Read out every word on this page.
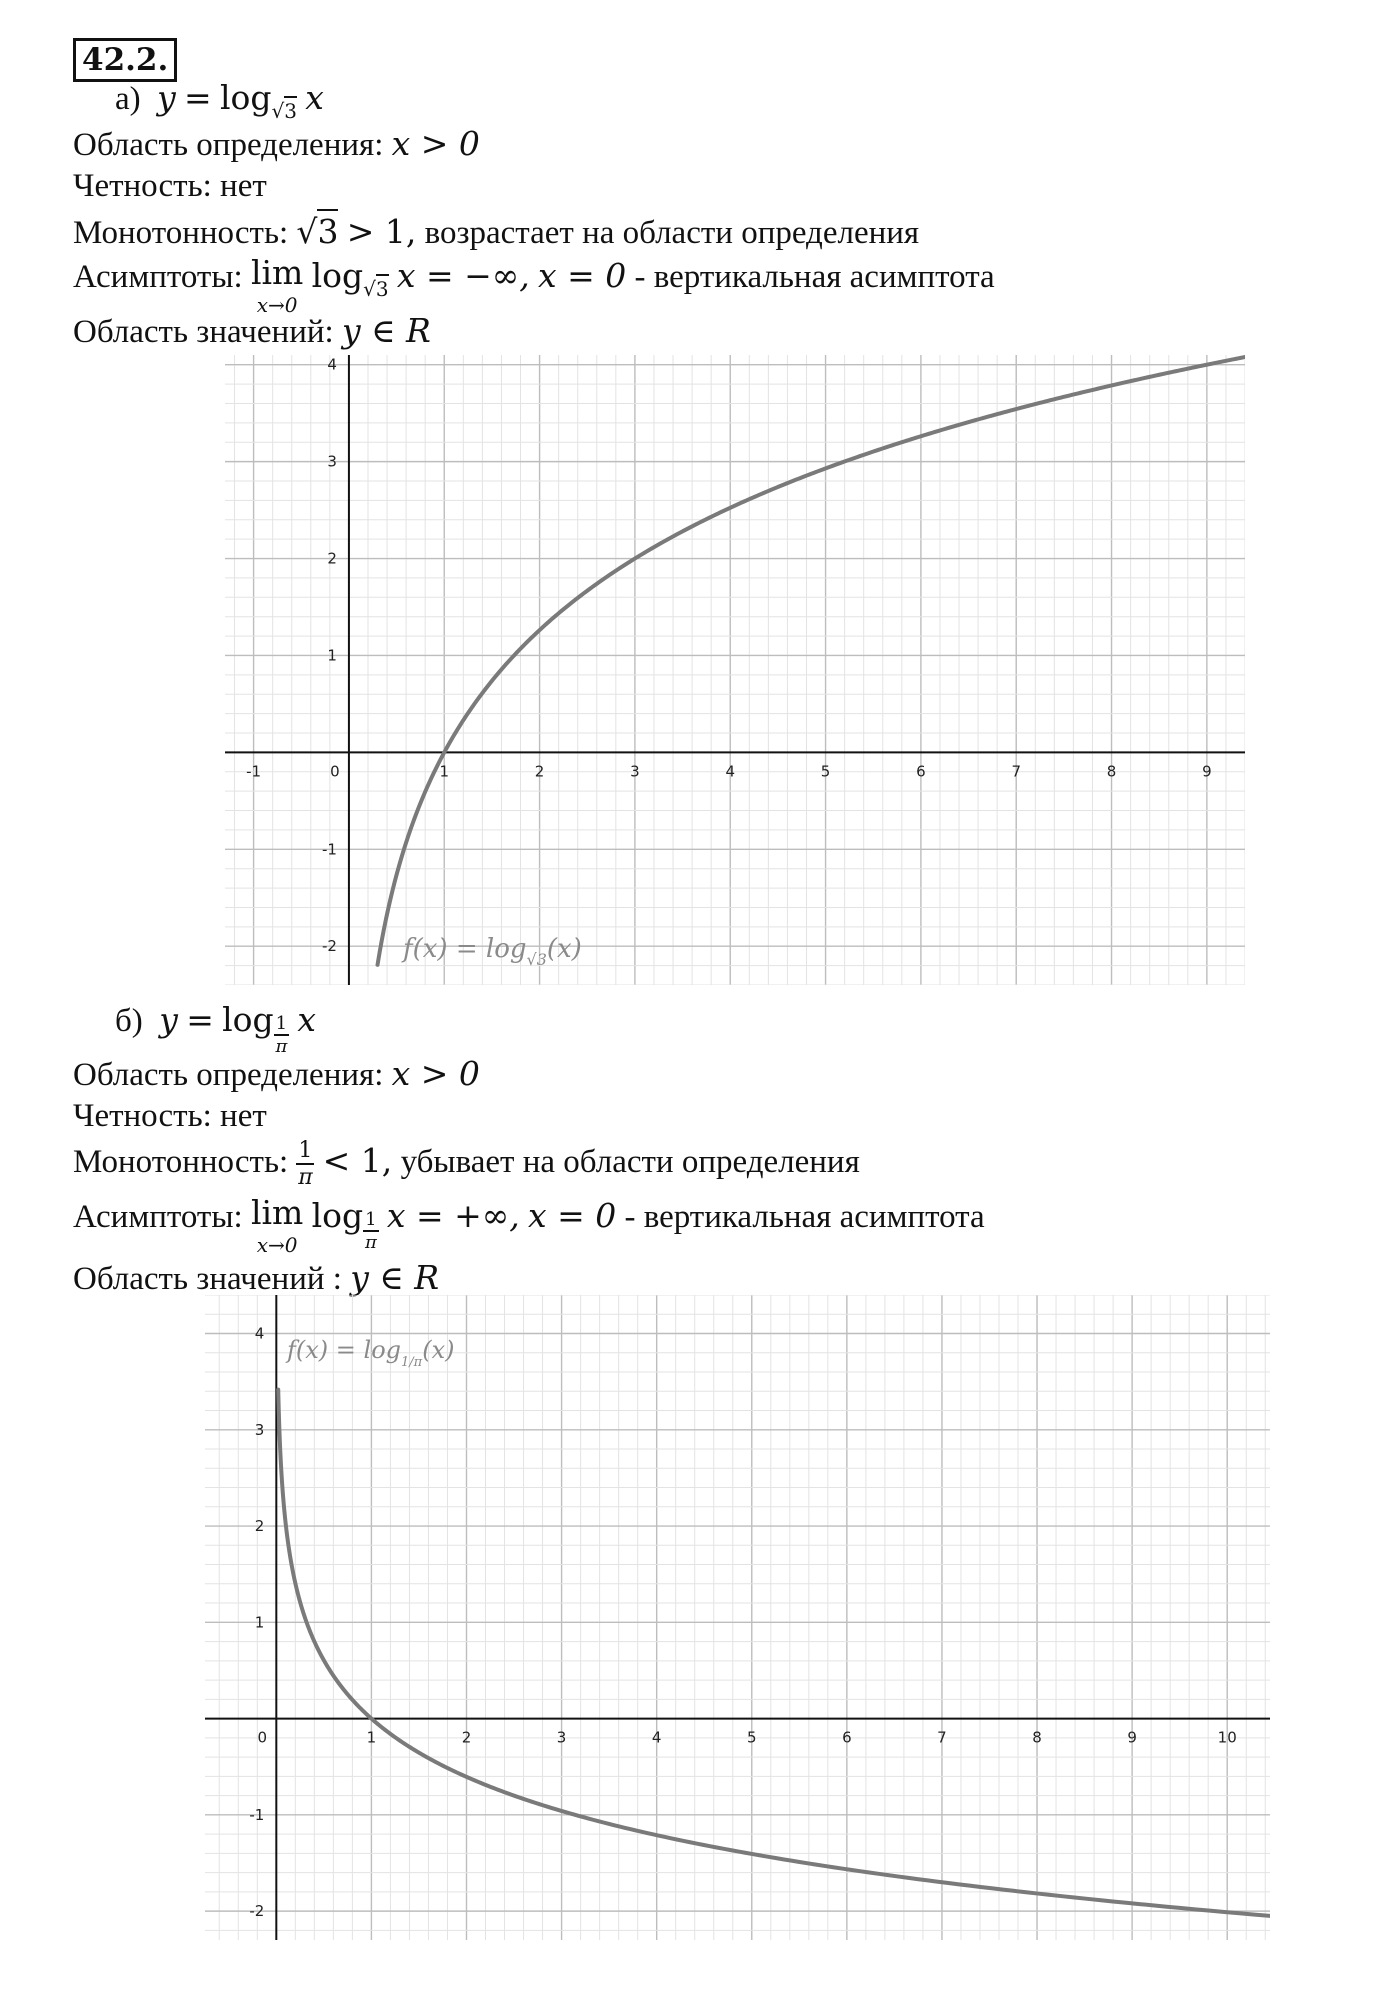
42.2.
а) $y = \log_{√3} x$
Область определения: x > 0
Четность: нет
Монотонность: √3 > 1, возрастает на области определения
Асимптоты: lim
x→0
$\log_{√3} x$ = −∞, x = 0 - вертикальная асимптота
Область значений: y ∈ R
-1	0	1	2	3	4	5	6	7	8	9
-2
-1
1
2
3
4
$f(x) = \log_{√3}(x)$
б) $y = \log \frac{1}{\pi}$ x
Область определения: x > 0
Четность: нет
Монотонность: $\frac{1}{\pi} < 1$, убывает на области определения
Асимптоты: lim
x→0
$\log \frac{1}{\pi}$ x = +∞, x = 0 - вертикальная асимптота
Область значений : y ∈ R
0	1	2	3	4	5	6	7	8	9	10
-2
-1
1
2
3
4
$f(x) = \log_{1/\pi}(x)$
